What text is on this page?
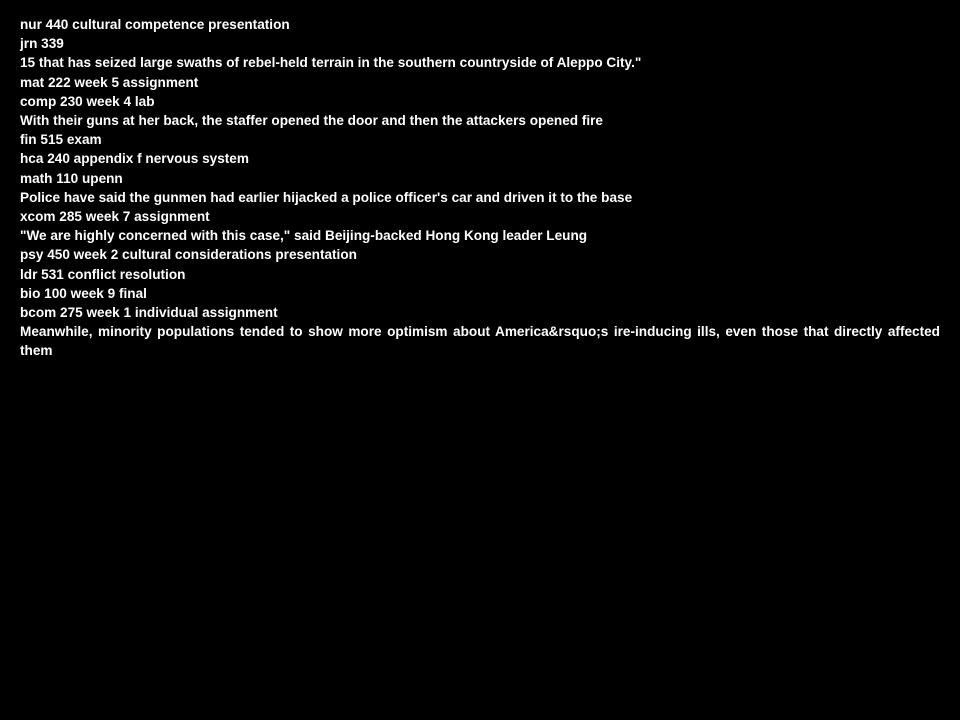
nur 440 cultural competence presentation

jrn 339

15 that has seized large swaths of rebel-held terrain in the southern countryside of Aleppo City."

mat 222 week 5 assignment

comp 230 week 4 lab

With their guns at her back, the staffer opened the door and then the attackers opened fire

fin 515 exam

hca 240 appendix f nervous system

math 110 upenn

Police have said the gunmen had earlier hijacked a police officer's car and driven it to the base

xcom 285 week 7 assignment

"We are highly concerned with this case," said Beijing-backed Hong Kong leader Leung

psy 450 week 2 cultural considerations presentation

ldr 531 conflict resolution

bio 100 week 9 final

bcom 275 week 1 individual assignment

Meanwhile, minority populations tended to show more optimism about America&rsquo;s ire-inducing ills, even those that directly affected them
